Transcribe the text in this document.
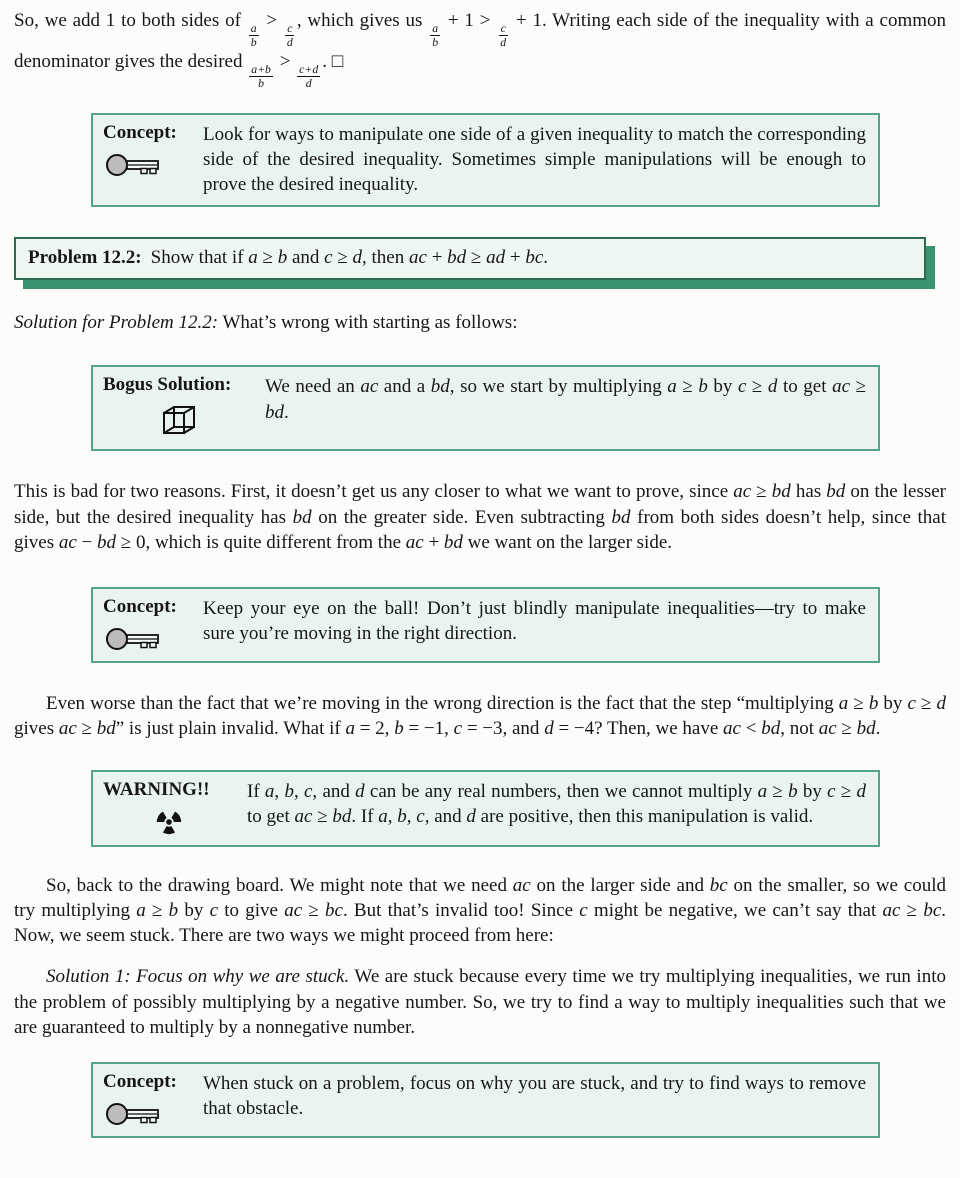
So, we add 1 to both sides of
$\frac{a}{b}$
>
$\frac{c}{d}$
, which gives us
$\frac{a}{b}$
+ 1 >
$\frac{c}{d}$
+ 1. Writing each side of the inequality with a common denominator gives the desired
$\frac{a+b}{b}$
>
$\frac{c+d}{d}$
. □

Concept:	Look for ways to manipulate one side of a given inequality to match the corresponding side of the desired inequality. Sometimes simple manipulations will be enough to prove the desired inequality.
Problem 12.2: Show that if a ≥ b and c ≥ d, then ac + bd ≥ ad + bc.

Solution for Problem 12.2: What’s wrong with starting as follows:

Bogus Solution:	We need an ac and a bd, so we start by multiplying a ≥ b by c ≥ d to get ac ≥ bd.

This is bad for two reasons. First, it doesn’t get us any closer to what we want to prove, since ac ≥ bd has bd on the lesser side, but the desired inequality has bd on the greater side. Even subtracting bd from both sides doesn’t help, since that gives ac − bd ≥ 0, which is quite different from the ac + bd we want on the larger side.

Concept:	Keep your eye on the ball! Don’t just blindly manipulate inequalities—try to make sure you’re moving in the right direction.

Even worse than the fact that we’re moving in the wrong direction is the fact that the step “multiplying a ≥ b by c ≥ d gives ac ≥ bd” is just plain invalid. What if a = 2, b = −1, c = −3, and d = −4? Then, we have ac < bd, not ac ≥ bd.

WARNING!!	If a, b, c, and d can be any real numbers, then we cannot multiply a ≥ b by c ≥ d to get ac ≥ bd. If a, b, c, and d are positive, then this manipulation is valid.

So, back to the drawing board. We might note that we need ac on the larger side and bc on the smaller, so we could try multiplying a ≥ b by c to give ac ≥ bc. But that’s invalid too! Since c might be negative, we can’t say that ac ≥ bc. Now, we seem stuck. There are two ways we might proceed from here:

Solution 1: Focus on why we are stuck. We are stuck because every time we try multiplying inequalities, we run into the problem of possibly multiplying by a negative number. So, we try to find a way to multiply inequalities such that we are guaranteed to multiply by a nonnegative number.

Concept:	When stuck on a problem, focus on why you are stuck, and try to find ways to remove that obstacle.
